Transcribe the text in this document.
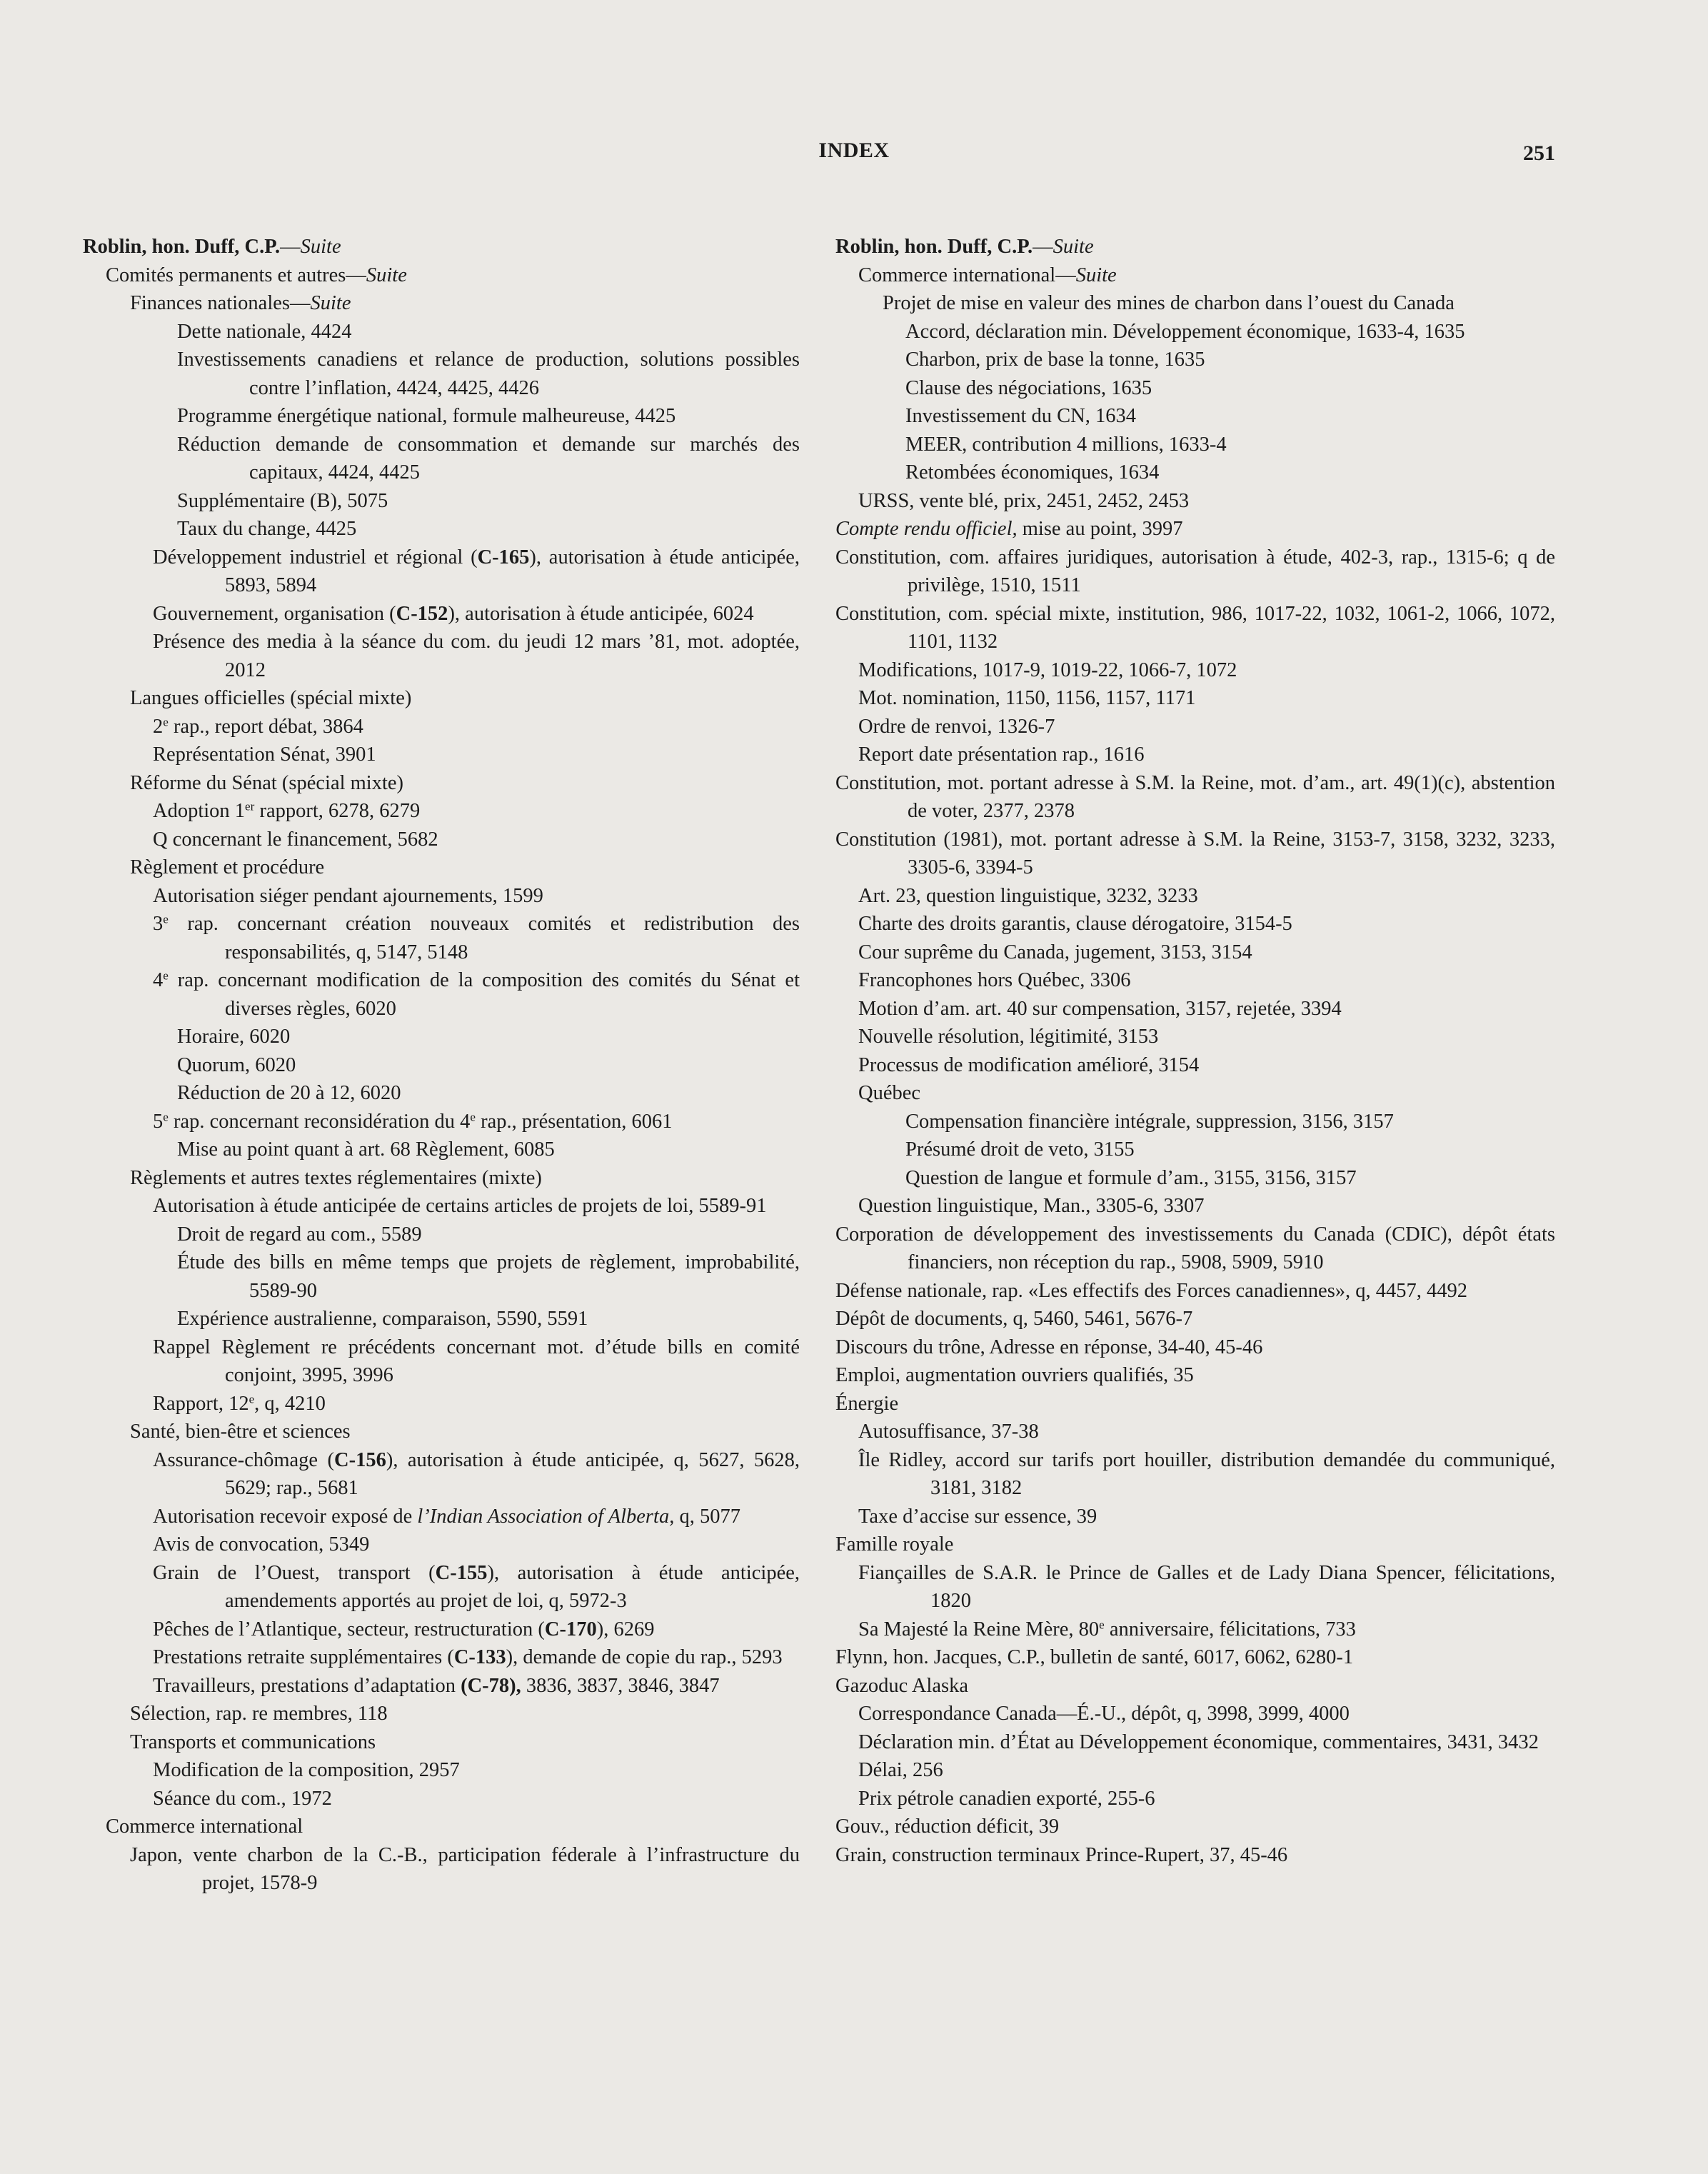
INDEX	251
Roblin, hon. Duff, C.P.—Suite
Comités permanents et autres—Suite
Finances nationales—Suite
Dette nationale, 4424
Investissements canadiens et relance de production, solutions possibles contre l’inflation, 4424, 4425, 4426
Programme énergétique national, formule malheureuse, 4425
Réduction demande de consommation et demande sur marchés des capitaux, 4424, 4425
Supplémentaire (B), 5075
Taux du change, 4425
Développement industriel et régional (C-165), autorisation à étude anticipée, 5893, 5894
Gouvernement, organisation (C-152), autorisation à étude anticipée, 6024
Présence des media à la séance du com. du jeudi 12 mars ’81, mot. adoptée, 2012
Langues officielles (spécial mixte)
2e rap., report débat, 3864
Représentation Sénat, 3901
Réforme du Sénat (spécial mixte)
Adoption 1er rapport, 6278, 6279
Q concernant le financement, 5682
Règlement et procédure
Autorisation siéger pendant ajournements, 1599
3e rap. concernant création nouveaux comités et redistribution des responsabilités, q, 5147, 5148
4e rap. concernant modification de la composition des comités du Sénat et diverses règles, 6020
Horaire, 6020
Quorum, 6020
Réduction de 20 à 12, 6020
5e rap. concernant reconsidération du 4e rap., présentation, 6061
Mise au point quant à art. 68 Règlement, 6085
Règlements et autres textes réglementaires (mixte)
Autorisation à étude anticipée de certains articles de projets de loi, 5589-91
Droit de regard au com., 5589
Étude des bills en même temps que projets de règlement, improbabilité, 5589-90
Expérience australienne, comparaison, 5590, 5591
Rappel Règlement re précédents concernant mot. d’étude bills en comité conjoint, 3995, 3996
Rapport, 12e, q, 4210
Santé, bien-être et sciences
Assurance-chômage (C-156), autorisation à étude anticipée, q, 5627, 5628, 5629; rap., 5681
Autorisation recevoir exposé de l’Indian Association of Alberta, q, 5077
Avis de convocation, 5349
Grain de l’Ouest, transport (C-155), autorisation à étude anticipée, amendements apportés au projet de loi, q, 5972-3
Pêches de l’Atlantique, secteur, restructuration (C-170), 6269
Prestations retraite supplémentaires (C-133), demande de copie du rap., 5293
Travailleurs, prestations d’adaptation (C-78), 3836, 3837, 3846, 3847
Sélection, rap. re membres, 118
Transports et communications
Modification de la composition, 2957
Séance du com., 1972
Commerce international
Japon, vente charbon de la C.-B., participation féderale à l’infrastructure du projet, 1578-9
Roblin, hon. Duff, C.P.—Suite
Commerce international—Suite
Projet de mise en valeur des mines de charbon dans l’ouest du Canada
Accord, déclaration min. Développement économique, 1633-4, 1635
Charbon, prix de base la tonne, 1635
Clause des négociations, 1635
Investissement du CN, 1634
MEER, contribution 4 millions, 1633-4
Retombées économiques, 1634
URSS, vente blé, prix, 2451, 2452, 2453
Compte rendu officiel, mise au point, 3997
Constitution, com. affaires juridiques, autorisation à étude, 402-3, rap., 1315-6; q de privilège, 1510, 1511
Constitution, com. spécial mixte, institution, 986, 1017-22, 1032, 1061-2, 1066, 1072, 1101, 1132
Modifications, 1017-9, 1019-22, 1066-7, 1072
Mot. nomination, 1150, 1156, 1157, 1171
Ordre de renvoi, 1326-7
Report date présentation rap., 1616
Constitution, mot. portant adresse à S.M. la Reine, mot. d’am., art. 49(1)(c), abstention de voter, 2377, 2378
Constitution (1981), mot. portant adresse à S.M. la Reine, 3153-7, 3158, 3232, 3233, 3305-6, 3394-5
Art. 23, question linguistique, 3232, 3233
Charte des droits garantis, clause dérogatoire, 3154-5
Cour suprême du Canada, jugement, 3153, 3154
Francophones hors Québec, 3306
Motion d’am. art. 40 sur compensation, 3157, rejetée, 3394
Nouvelle résolution, légitimité, 3153
Processus de modification amélioré, 3154
Québec
Compensation financière intégrale, suppression, 3156, 3157
Présumé droit de veto, 3155
Question de langue et formule d’am., 3155, 3156, 3157
Question linguistique, Man., 3305-6, 3307
Corporation de développement des investissements du Canada (CDIC), dépôt états financiers, non réception du rap., 5908, 5909, 5910
Défense nationale, rap. «Les effectifs des Forces canadiennes», q, 4457, 4492
Dépôt de documents, q, 5460, 5461, 5676-7
Discours du trône, Adresse en réponse, 34-40, 45-46
Emploi, augmentation ouvriers qualifiés, 35
Énergie
Autosuffisance, 37-38
Île Ridley, accord sur tarifs port houiller, distribution demandée du communiqué, 3181, 3182
Taxe d’accise sur essence, 39
Famille royale
Fiançailles de S.A.R. le Prince de Galles et de Lady Diana Spencer, félicitations, 1820
Sa Majesté la Reine Mère, 80e anniversaire, félicitations, 733
Flynn, hon. Jacques, C.P., bulletin de santé, 6017, 6062, 6280-1
Gazoduc Alaska
Correspondance Canada—É.-U., dépôt, q, 3998, 3999, 4000
Déclaration min. d’État au Développement économique, commentaires, 3431, 3432
Délai, 256
Prix pétrole canadien exporté, 255-6
Gouv., réduction déficit, 39
Grain, construction terminaux Prince-Rupert, 37, 45-46
